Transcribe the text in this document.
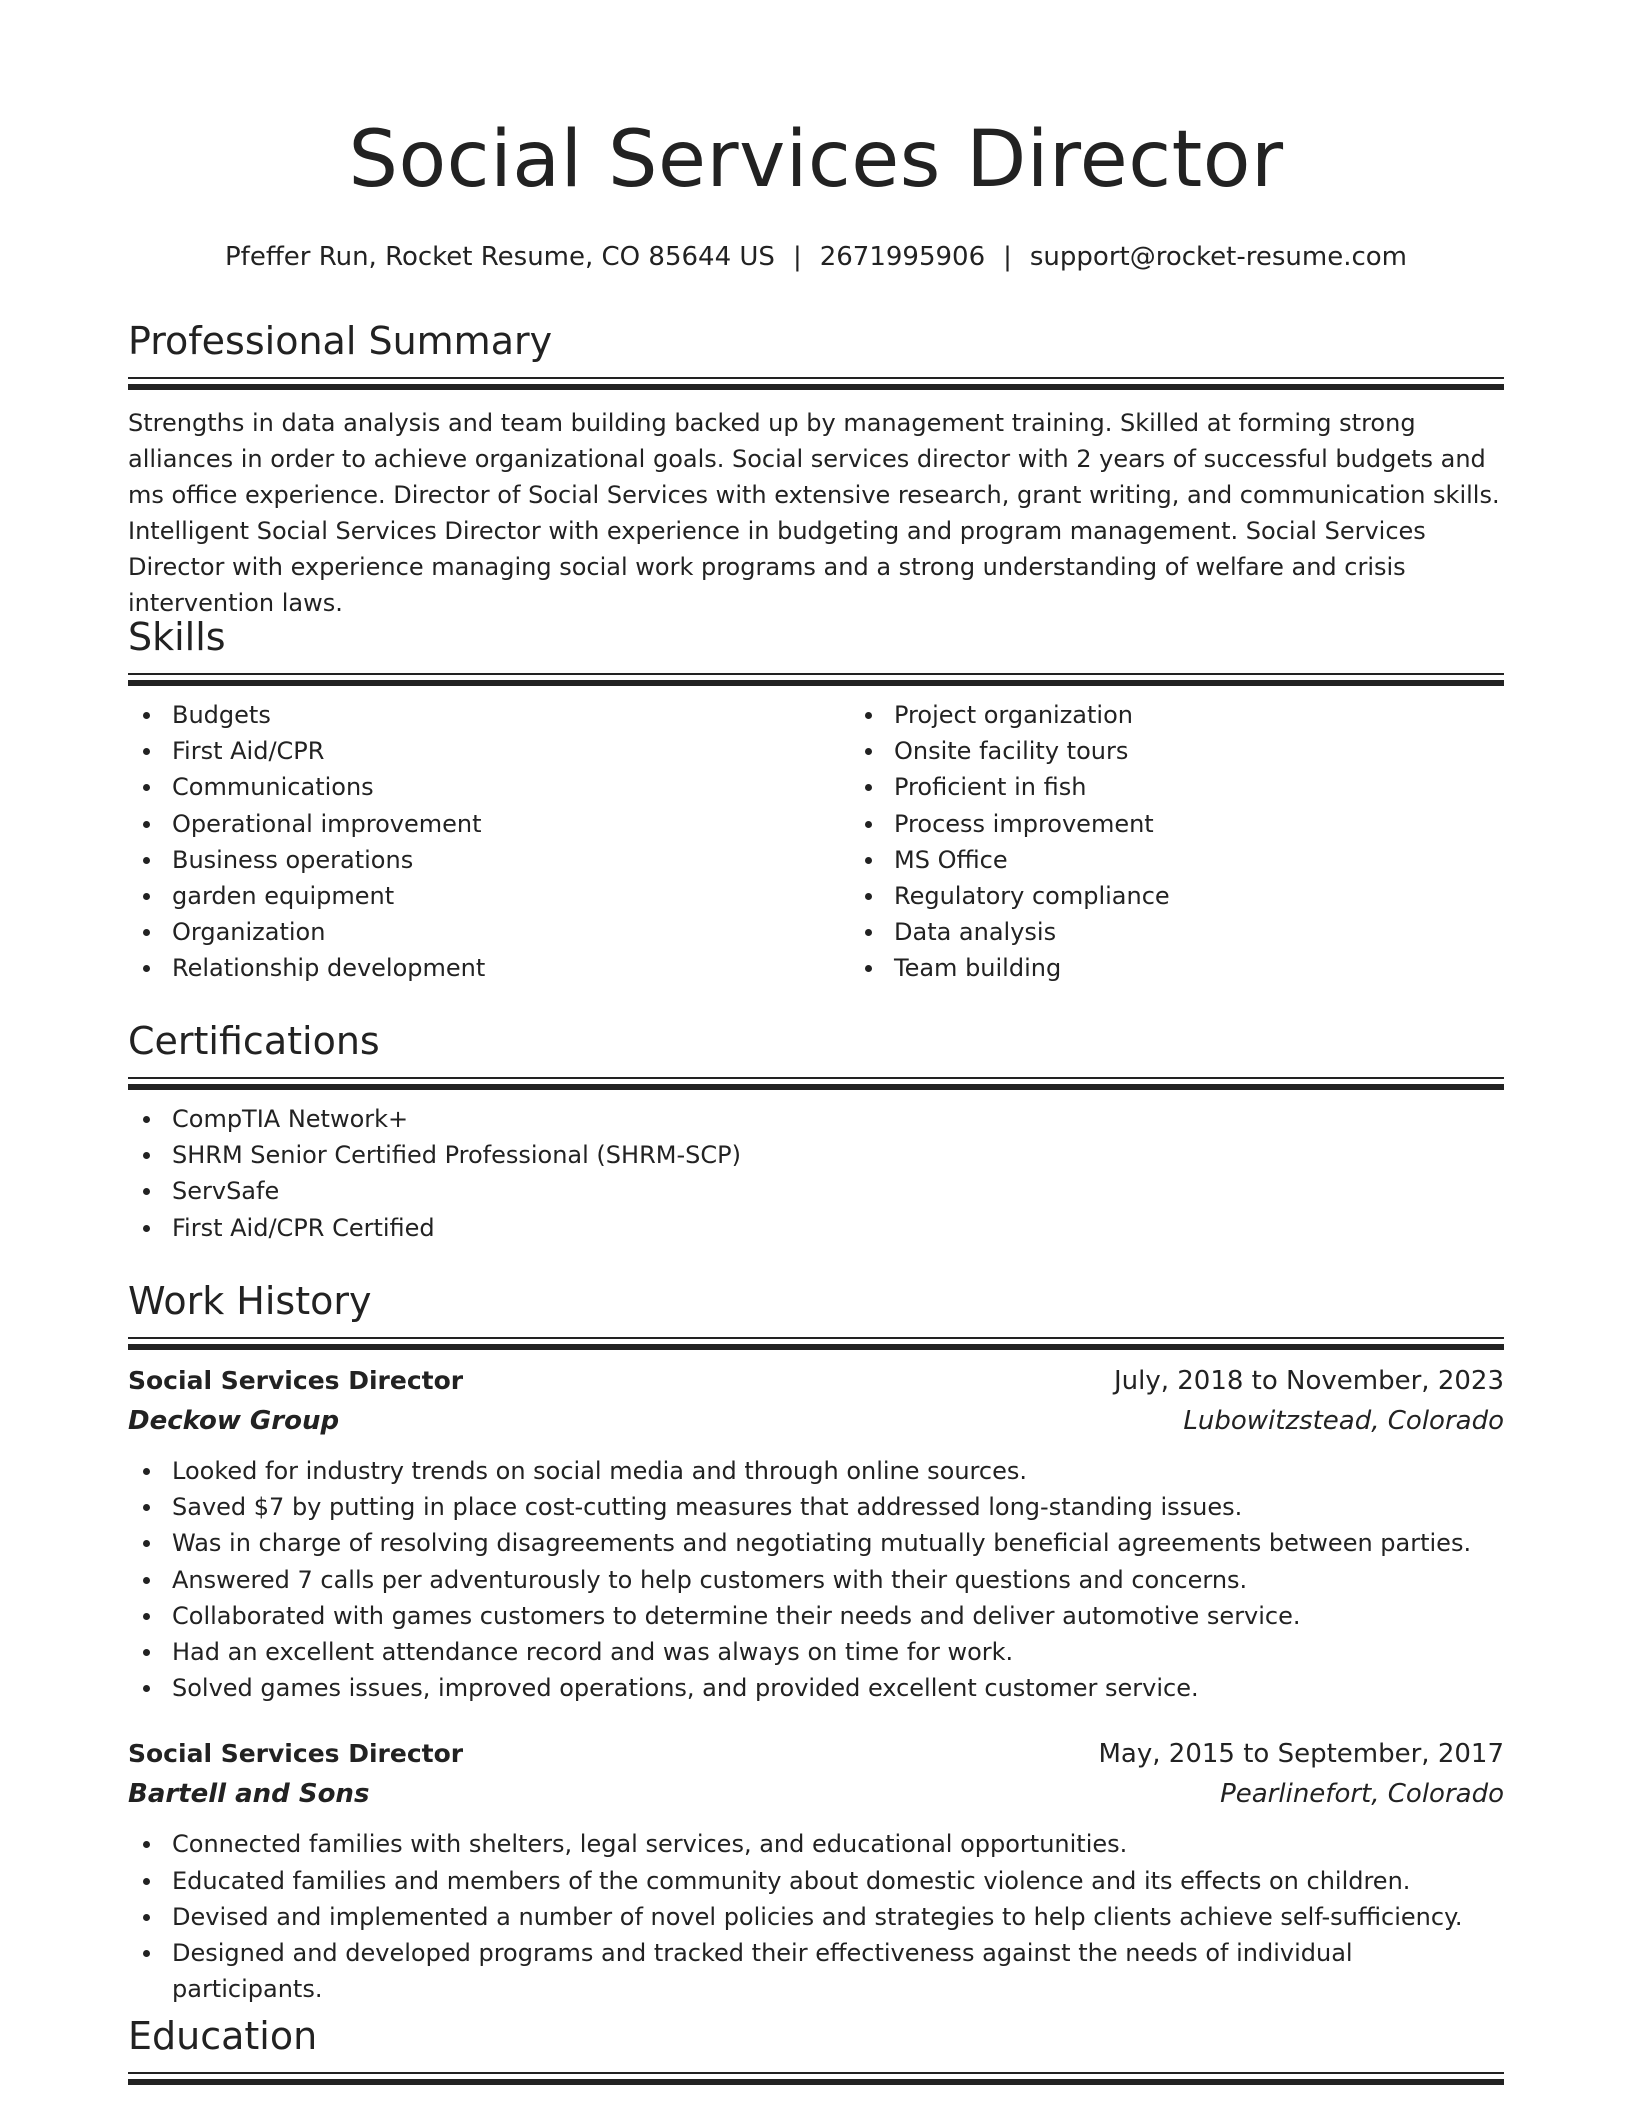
Social Services Director
Pfeffer Run, Rocket Resume, CO 85644 US | 2671995906 | support@rocket-resume.com
Professional Summary

Strengths in data analysis and team building backed up by management training. Skilled at forming strong alliances in order to achieve organizational goals. Social services director with 2 years of successful budgets and ms office experience. Director of Social Services with extensive research, grant writing, and communication skills. Intelligent Social Services Director with experience in budgeting and program management. Social Services Director with experience managing social work programs and a strong understanding of welfare and crisis intervention laws.

Skills
Budgets
First Aid/CPR
Communications
Operational improvement
Business operations
garden equipment
Organization
Relationship development
Project organization
Onsite facility tours
Proficient in fish
Process improvement
MS Office
Regulatory compliance
Data analysis
Team building
Certifications
CompTIA Network+
SHRM Senior Certified Professional (SHRM-SCP)
ServSafe
First Aid/CPR Certified
Work History
Social Services Director	July, 2018 to November, 2023
Deckow Group	Lubowitzstead, Colorado
Looked for industry trends on social media and through online sources.
Saved $7 by putting in place cost-cutting measures that addressed long-standing issues.
Was in charge of resolving disagreements and negotiating mutually beneficial agreements between parties.
Answered 7 calls per adventurously to help customers with their questions and concerns.
Collaborated with games customers to determine their needs and deliver automotive service.
Had an excellent attendance record and was always on time for work.
Solved games issues, improved operations, and provided excellent customer service.
Social Services Director	May, 2015 to September, 2017
Bartell and Sons	Pearlinefort, Colorado
Connected families with shelters, legal services, and educational opportunities.
Educated families and members of the community about domestic violence and its effects on children.
Devised and implemented a number of novel policies and strategies to help clients achieve self-sufficiency.
Designed and developed programs and tracked their effectiveness against the needs of individual participants.
Education
